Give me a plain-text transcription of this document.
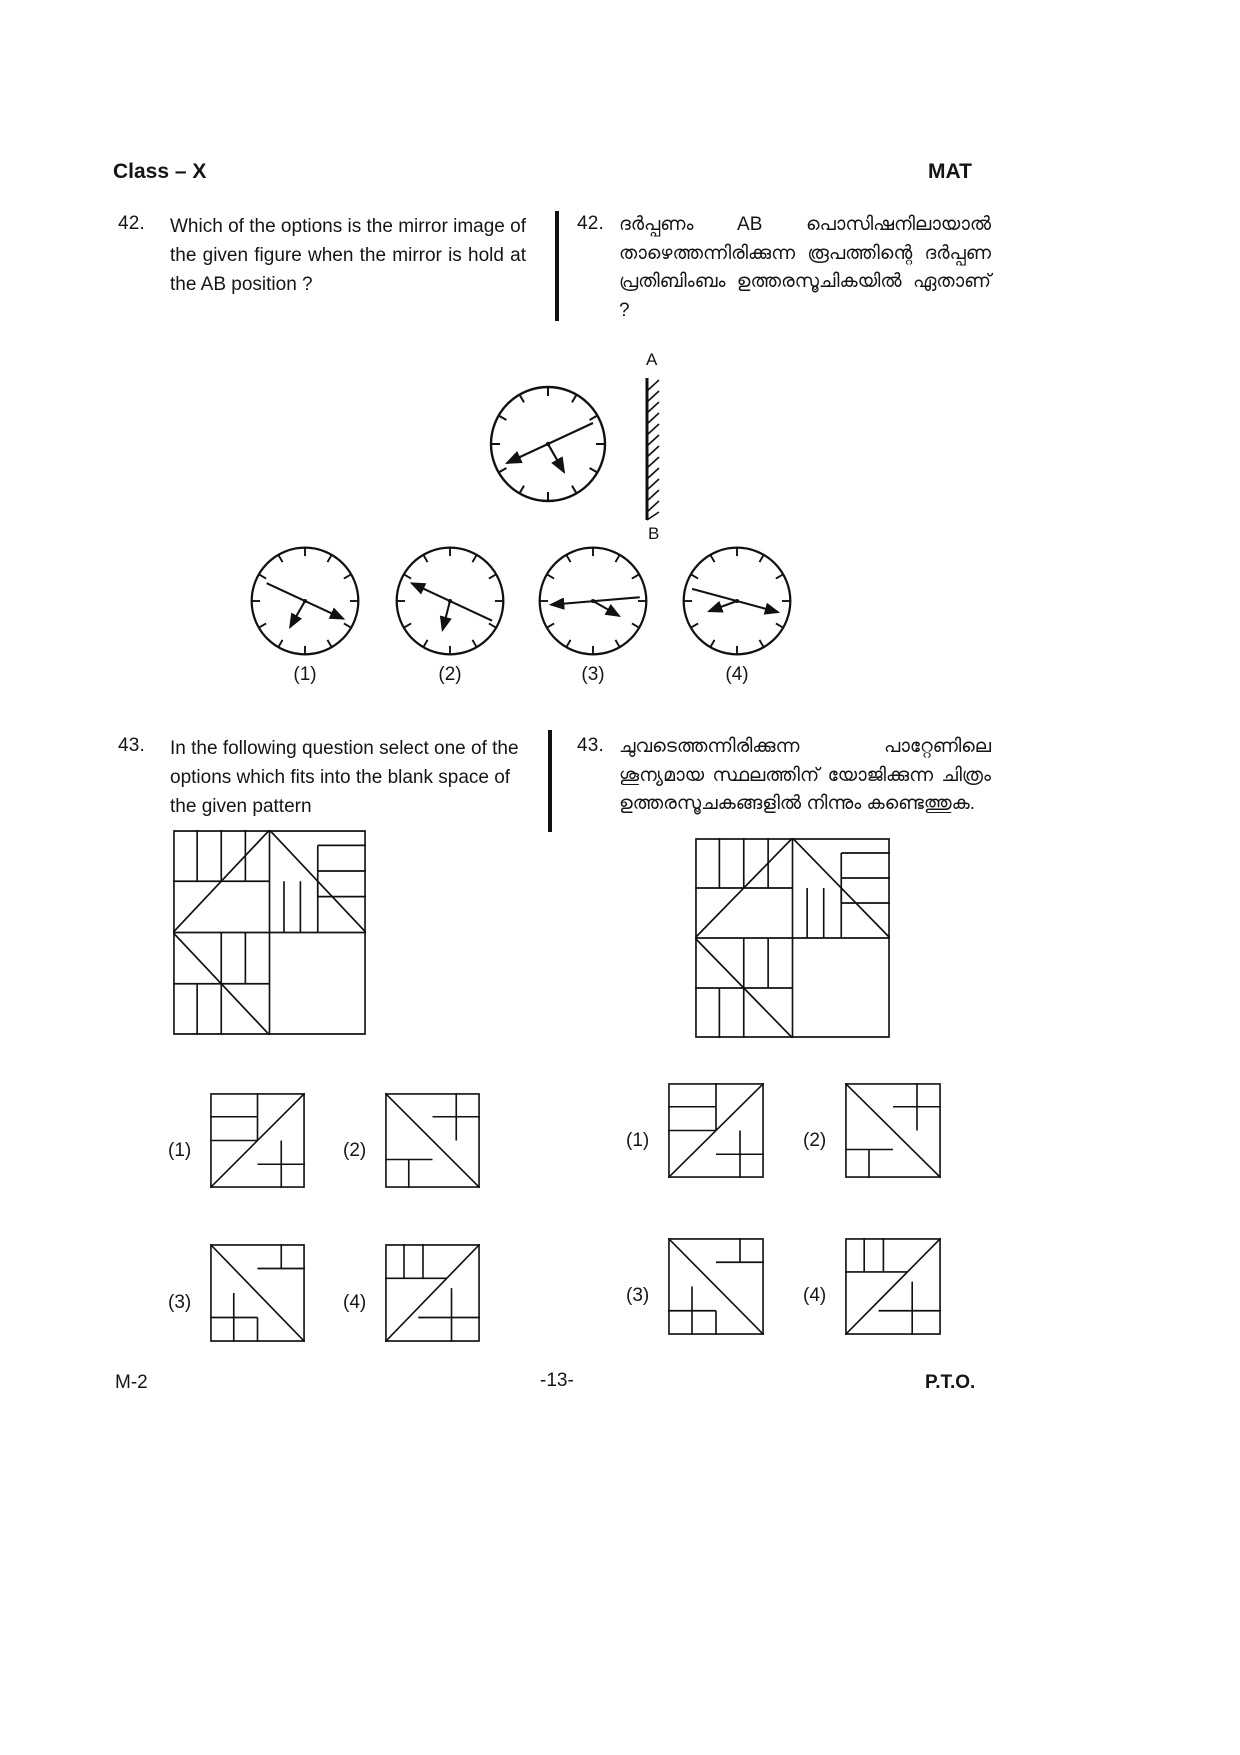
Class – X	MAT
42. Which of the options is the mirror image of the given figure when the mirror is hold at the AB position ?
42. ദർപ്പണം AB പൊസിഷനിലായാൽ താഴെത്തന്നിരിക്കുന്ന രൂപത്തിന്റെ ദർപ്പണ പ്രതിബിംബം ഉത്തരസൂചികയിൽ ഏതാണ് ?
A
B
(1)	(2)	(3)	(4)
43. In the following question select one of the options which fits into the blank space of the given pattern
43. ചുവടെത്തന്നിരിക്കുന്ന പാറ്റേണിലെ ശൂന്യമായ സ്ഥലത്തിന് യോജിക്കുന്ന ചിത്രം ഉത്തരസൂചകങ്ങളിൽ നിന്നും കണ്ടെത്തുക.
(1)	(2)
(3)	(4)
(1)	(2)
(3)	(4)
M-2	-13-	P.T.O.
